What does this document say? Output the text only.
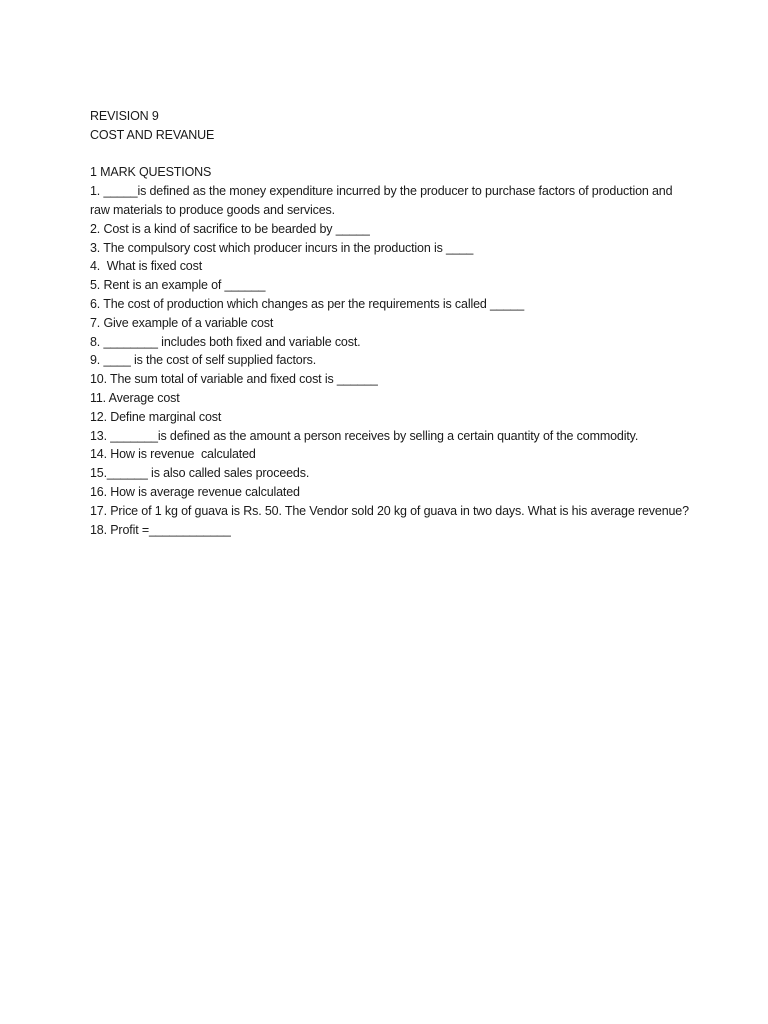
REVISION 9

COST AND REVANUE

1 MARK QUESTIONS

1. _____is defined as the money expenditure incurred by the producer to purchase factors of production and raw materials to produce goods and services.

2. Cost is a kind of sacrifice to be bearded by _____

3. The compulsory cost which producer incurs in the production is ____

4.  What is fixed cost

5. Rent is an example of ______

6. The cost of production which changes as per the requirements is called _____

7. Give example of a variable cost

8. ________ includes both fixed and variable cost.

9. ____ is the cost of self supplied factors.

10. The sum total of variable and fixed cost is ______

11. Average cost

12. Define marginal cost

13. _______is defined as the amount a person receives by selling a certain quantity of the commodity.

14. How is revenue  calculated

15.______ is also called sales proceeds.

16. How is average revenue calculated

17. Price of 1 kg of guava is Rs. 50. The Vendor sold 20 kg of guava in two days. What is his average revenue?

18. Profit =____________
